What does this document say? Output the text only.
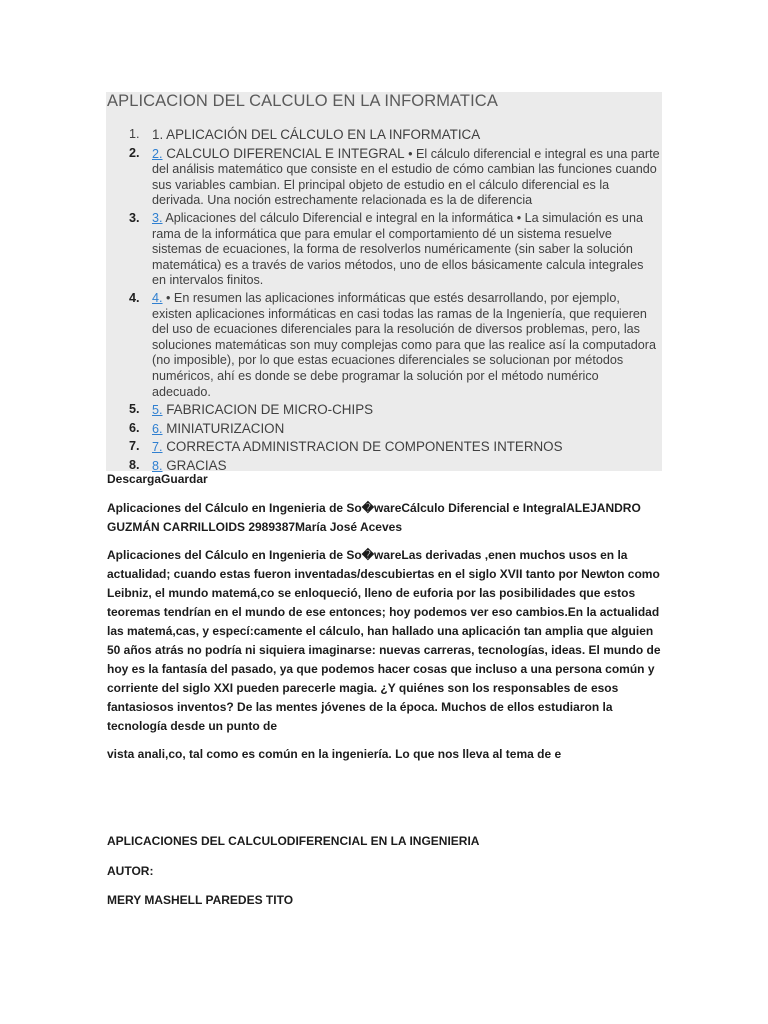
APLICACION DEL CALCULO EN LA INFORMATICA
1. 1. APLICACIÓN DEL CÁLCULO EN LA INFORMATICA
2. 2. CALCULO DIFERENCIAL E INTEGRAL • El cálculo diferencial e integral es una parte del análisis matemático que consiste en el estudio de cómo cambian las funciones cuando sus variables cambian. El principal objeto de estudio en el cálculo diferencial es la derivada. Una noción estrechamente relacionada es la de diferencia
3. 3. Aplicaciones del cálculo Diferencial e integral en la informática • La simulación es una rama de la informática que para emular el comportamiento dé un sistema resuelve sistemas de ecuaciones, la forma de resolverlos numéricamente (sin saber la solución matemática) es a través de varios métodos, uno de ellos básicamente calcula integrales en intervalos finitos.
4. 4. • En resumen las aplicaciones informáticas que estés desarrollando, por ejemplo, existen aplicaciones informáticas en casi todas las ramas de la Ingeniería, que requieren del uso de ecuaciones diferenciales para la resolución de diversos problemas, pero, las soluciones matemáticas son muy complejas como para que las realice así la computadora (no imposible), por lo que estas ecuaciones diferenciales se solucionan por métodos numéricos, ahí es donde se debe programar la solución por el método numérico adecuado.
5. 5. FABRICACION DE MICRO-CHIPS
6. 6. MINIATURIZACION
7. 7. CORRECTA ADMINISTRACION DE COMPONENTES INTERNOS
8. 8. GRACIAS
DescargaGuardar
Aplicaciones del Cálculo en Ingenieria de So�wareCálculo Diferencial e IntegralALEJANDRO GUZMÁN CARRILLOIDS 2989387María José Aceves
Aplicaciones del Cálculo en Ingenieria de So�wareLas derivadas ,enen muchos usos en la actualidad; cuando estas fueron inventadas/descubiertas en el siglo XVII tanto por Newton como Leibniz, el mundo matemá,co se enloqueció, lleno de euforia por las posibilidades que estos teoremas tendrían en el mundo de ese entonces; hoy podemos ver eso cambios.En la actualidad las matemá,cas, y especí:camente el cálculo, han hallado una aplicación tan amplia que alguien 50 años atrás no podría ni siquiera imaginarse: nuevas carreras, tecnologías, ideas. El mundo de hoy es la fantasía del pasado, ya que podemos hacer cosas que incluso a una persona común y corriente del siglo XXI pueden parecerle magia. ¿Y quiénes son los responsables de esos fantasiosos inventos? De las mentes jóvenes de la época. Muchos de ellos estudiaron la tecnología desde un punto de
vista anali,co, tal como es común en la ingeniería. Lo que nos lleva al tema de e
APLICACIONES DEL CALCULODIFERENCIAL EN LA INGENIERIA
AUTOR:
MERY MASHELL PAREDES TITO
